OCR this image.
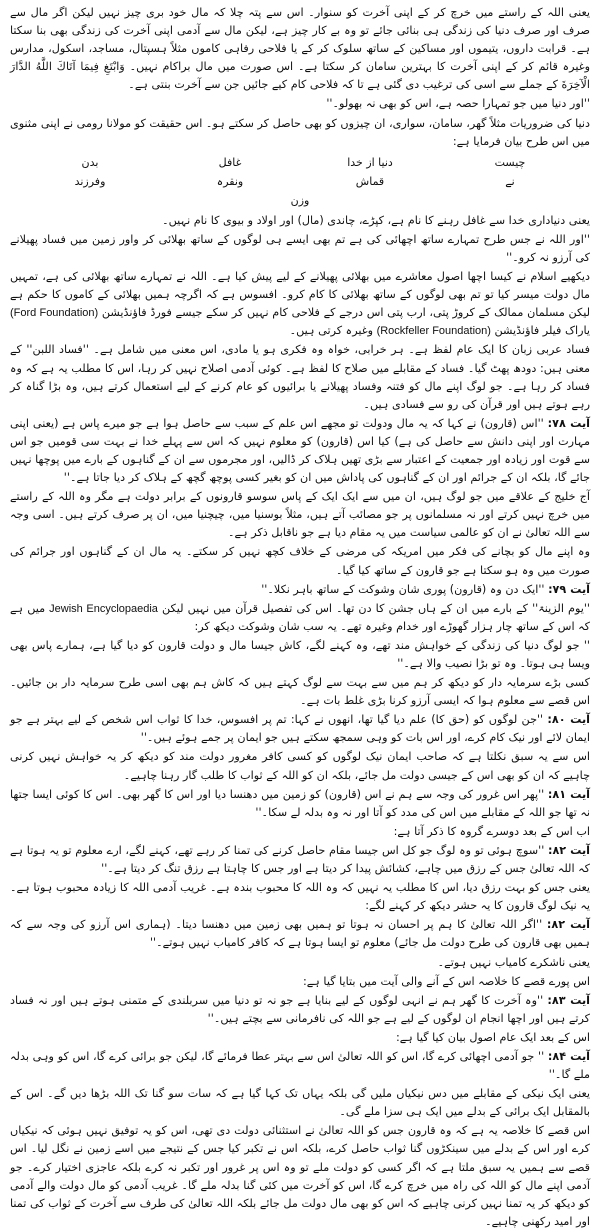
یعنی اللہ کے راستے میں خرچ کر کے اپنی آخرت کو سنوار۔ اس سے پتہ چلا کہ مال خود بری چیز نہیں لیکن اگر مال سے صرف اور صرف دنیا کی زندگی ہی بنائی جائے تو وہ بے کار چیز ہے، لیکن مال سے آدمی اپنی آخرت کی زندگی بھی بنا سکتا ہے۔ قرابت داروں، یتیموں اور مساکین کے ساتھ سلوک کر کے یا فلاحی رفاہی کاموں مثلاً ہسپتال، مساجد، اسکول، مدارس وغیرہ قائم کر کے اپنی آخرت کا بہترین سامان کر سکتا ہے۔ اس صورت میں مال براکام نہیں۔ وَابْتَغِ فِيمَا آتَاكَ اللَّهُ الدَّارَ الْآخِرَةَ کے جملے سے اسی کی ترغیب دی گئی ہے تا کہ فلاحی کام کیے جائیں جن سے آخرت بنتی ہے۔

''اور دنیا میں جو تمہارا حصہ ہے، اس کو بھی نہ بھولو۔''

دنیا کی ضروریات مثلاً گھر، سامان، سواری، ان چیزوں کو بھی حاصل کر سکتے ہو۔ اس حقیقت کو مولانا رومی نے اپنی مثنوی میں اس طرح بیان فرمایا ہے:

چیستدنیا از خداغافلبدن
نےقماشونقرہوفرزندوزن

یعنی دنیاداری خدا سے غافل رہنے کا نام ہے، کپڑے، چاندی (مال) اور اولاد و بیوی کا نام نہیں۔

''اور اللہ نے جس طرح تمہارے ساتھ اچھائی کی ہے تم بھی ایسے ہی لوگوں کے ساتھ بھلائی کر واور زمین میں فساد پھیلانے کی آرزو نہ کرو۔''

دیکھیے اسلام نے کیسا اچھا اصول معاشرے میں بھلائی پھیلانے کے لیے پیش کیا ہے۔ اللہ نے تمہارے ساتھ بھلائی کی ہے، تمہیں مال دولت میسر کیا تو تم بھی لوگوں کے ساتھ بھلائی کا کام کرو۔ افسوس ہے کہ اگرچہ ہمیں بھلائی کے کاموں کا حکم ہے لیکن مسلمان ممالک کے کروڑ پتی، ارب پتی اس درجے کے فلاحی کام نہیں کر سکے جیسے فورڈ فاؤنڈیشن (Ford Foundation) یاراک فیلر فاؤنڈیشن (Rockfeller Foundation) وغیرہ کرتی ہیں۔

فساد عربی زبان کا ایک عام لفظ ہے۔ ہر خرابی، خواہ وہ فکری ہو یا مادی، اس معنی میں شامل ہے۔ ''فساد اللبن'' کے معنی ہیں: دودھ پھٹ گیا۔ فساد کے مقابلے میں صلاح کا لفظ ہے۔ کوئی آدمی اصلاح نہیں کر رہا، اس کا مطلب یہ ہے کہ وہ فساد کر رہا ہے۔ جو لوگ اپنے مال کو فتنہ وفساد پھیلانے یا برائیوں کو عام کرنے کے لیے استعمال کرتے ہیں، وہ بڑا گناہ کر رہے ہوتے ہیں اور قرآن کی رو سے فسادی ہیں۔

آیت ۷۸: ''اس (قارون) نے کہا کہ یہ مال ودولت تو مجھے اس علم کے سبب سے حاصل ہوا ہے جو میرے پاس ہے (یعنی اپنی مہارت اور اپنی دانش سے حاصل کی ہے) کیا اس (قارون) کو معلوم نہیں کہ اس سے پہلے خدا نے بہت سی قومیں جو اس سے قوت اور زیادہ اور جمعیت کے اعتبار سے بڑی تھیں ہلاک کر ڈالیں، اور مجرموں سے ان کے گناہوں کے بارے میں پوچھا نہیں جائے گا، بلکہ ان کے جرائم اور ان کے گناہوں کی پاداش میں ان کو بغیر کسی پوچھ گچھ کے ہلاک کر دیا جاتا ہے۔''

آج خلیج کے علاقے میں جو لوگ ہیں، ان میں سے ایک ایک کے پاس سوسو قارونوں کے برابر دولت ہے مگر وہ اللہ کے راستے میں خرچ نہیں کرتے اور نہ مسلمانوں پر جو مصائب آتے ہیں، مثلاً بوسنیا میں، چیچنیا میں، ان پر صرف کرتے ہیں۔ اسی وجہ سے اللہ تعالیٰ نے ان کو عالمی سیاست میں یہ مقام دیا ہے جو ناقابل ذکر ہے۔

وہ اپنے مال کو بچانے کی فکر میں امریکہ کی مرضی کے خلاف کچھ نہیں کر سکتے۔ یہ مال ان کے گناہوں اور جرائم کی صورت میں وہ ہو سکتا ہے جو قارون کے ساتھ کیا گیا۔

آیت ۷۹: ''ایک دن وہ (قارون) پوری شان وشوکت کے ساتھ باہر نکلا۔''

''یوم الزینۃ'' کے بارے میں ان کے ہاں جشن کا دن تھا۔ اس کی تفصیل قرآن میں نہیں لیکن Jewish Encyclopaedia میں ہے کہ اس کے ساتھ چار ہزار گھوڑے اور خدام وغیرہ تھے۔ یہ سب شان وشوکت دیکھ کر:

'' جو لوگ دنیا کی زندگی کے خواہش مند تھے، وہ کہنے لگے، کاش جیسا مال و دولت قارون کو دیا گیا ہے، ہمارے پاس بھی ویسا ہی ہوتا۔ وہ تو بڑا نصیب والا ہے۔''

کسی بڑے سرمایہ دار کو دیکھ کر ہم میں سے بہت سے لوگ کہتے ہیں کہ کاش ہم بھی اسی طرح سرمایہ دار بن جائیں۔ اس قصے سے معلوم ہوا کہ ایسی آرزو کرنا بڑی غلط بات ہے۔

آیت ۸۰: ''جن لوگوں کو (حق کا) علم دیا گیا تھا، انھوں نے کہا: تم پر افسوس، خدا کا ثواب اس شخص کے لیے بہتر ہے جو ایمان لائے اور نیک کام کرے، اور اس بات کو وہی سمجھ سکتے ہیں جو ایمان پر جمے ہوئے ہیں۔''

اس سے یہ سبق نکلتا ہے کہ صاحب ایمان نیک لوگوں کو کسی کافر مغرور دولت مند کو دیکھ کر یہ خواہش نہیں کرنی چاہیے کہ ان کو بھی اس کے جیسی دولت مل جائے، بلکہ ان کو اللہ کے ثواب کا طلب گار رہنا چاہیے۔

آیت ۸۱: ''پھر اس غرور کی وجہ سے ہم نے اس (قارون) کو زمین میں دھنسا دیا اور اس کا گھر بھی۔ اس کا کوئی ایسا جتھا نہ تھا جو اللہ کے مقابلے میں اس کی مدد کو آتا اور نہ وہ بدلہ لے سکا۔''

اب اس کے بعد دوسرے گروہ کا ذکر آتا ہے:

آیت ۸۲: ''سوچ ہوئی تو وہ لوگ جو کل اس جیسا مقام حاصل کرنے کی تمنا کر رہے تھے، کہنے لگے، ارے معلوم تو یہ ہوتا ہے کہ اللہ تعالیٰ جس کے رزق میں چاہے، کشائش پیدا کر دیتا ہے اور جس کا چاہتا ہے رزق تنگ کر دیتا ہے۔''

یعنی جس کو بہت رزق دیا، اس کا مطلب یہ نہیں کہ وہ اللہ کا محبوب بندہ ہے۔ غریب آدمی اللہ کا زیادہ محبوب ہوتا ہے۔ یہ نیک لوگ قارون کا یہ حشر دیکھ کر کہنے لگے:

آیت ۸۲: ''اگر اللہ تعالیٰ کا ہم پر احسان نہ ہوتا تو ہمیں بھی زمین میں دھنسا دیتا۔ (ہماری اس آرزو کی وجہ سے کہ ہمیں بھی قارون کی طرح دولت مل جائے) معلوم تو ایسا ہوتا ہے کہ کافر کامیاب نہیں ہوتے۔''

یعنی ناشکرے کامیاب نہیں ہوتے۔

اس پورے قصے کا خلاصہ اس کے آنے والی آیت میں بتایا گیا ہے:

آیت ۸۳: ''وہ آخرت کا گھر ہم نے انہی لوگوں کے لیے بنایا ہے جو نہ تو دنیا میں سربلندی کے متمنی ہوتے ہیں اور نہ فساد کرتے ہیں اور اچھا انجام ان لوگوں کے لیے ہے جو اللہ کی نافرمانی سے بچتے ہیں۔''

اس کے بعد ایک عام اصول بیان کیا گیا ہے:

آیت ۸۴: '' جو آدمی اچھائی کرے گا، اس کو اللہ تعالیٰ اس سے بہتر عطا فرمائے گا، لیکن جو برائی کرے گا، اس کو وہی بدلہ ملے گا۔''

یعنی ایک نیکی کے مقابلے میں دس نیکیاں ملیں گی بلکہ یہاں تک کہا گیا ہے کہ سات سو گنا تک اللہ بڑھا دیں گے۔ اس کے بالمقابل ایک برائی کے بدلے میں ایک ہی سزا ملے گی۔

اس قصے کا خلاصہ یہ ہے کہ وہ قارون جس کو اللہ تعالیٰ نے استثنائی دولت دی تھی، اس کو یہ توفیق نہیں ہوئی کہ نیکیاں کرے اور اس کے بدلے میں سینکڑوں گنا ثواب حاصل کرے، بلکہ اس نے تکبر کیا جس کے نتیجے میں اسے زمین نے نگل لیا۔ اس قصے سے ہمیں یہ سبق ملتا ہے کہ اگر کسی کو دولت ملے تو وہ اس پر غرور اور تکبر نہ کرے بلکہ عاجزی اختیار کرے۔ جو آدمی اپنے مال کو اللہ کی راہ میں خرچ کرے گا، اس کو آخرت میں کئی گنا بدلہ ملے گا۔ غریب آدمی کو مال دولت والے آدمی کو دیکھ کر یہ تمنا نہیں کرنی چاہیے کہ اس کو بھی مال دولت مل جائے بلکہ اللہ تعالیٰ کی طرف سے آخرت کے ثواب کی تمنا اور امید رکھنی چاہیے۔
